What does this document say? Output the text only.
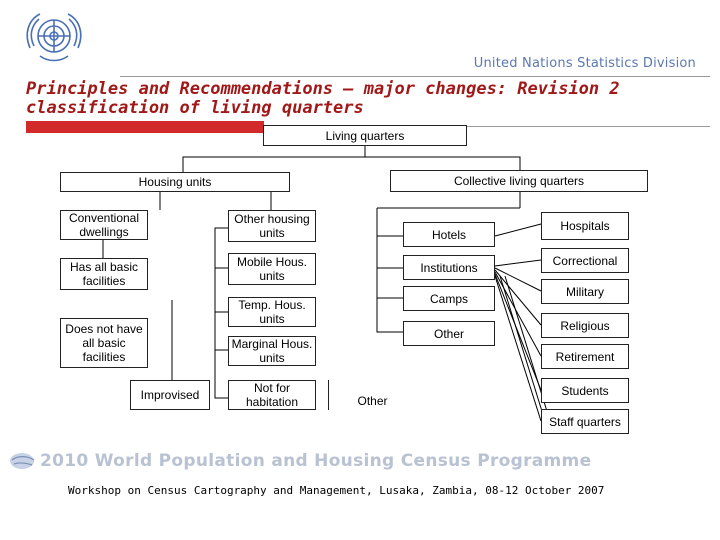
United Nations Statistics Division
Principles and Recommendations – major changes: Revision 2 classification of living quarters
Living quarters
Housing units	Collective living quarters
Conventional dwellings
Has all basic facilities
Does not have all basic facilities
Improvised
Other housing units
Mobile Hous. units
Temp. Hous. units
Marginal Hous. units
Not for habitation	Other
Hotels
Institutions
Camps
Other
Hospitals
Correctional
Military
Religious
Retirement
Students
Staff quarters
2010 World Population and Housing Census Programme
Workshop on Census Cartography and Management, Lusaka, Zambia, 08-12 October 2007
